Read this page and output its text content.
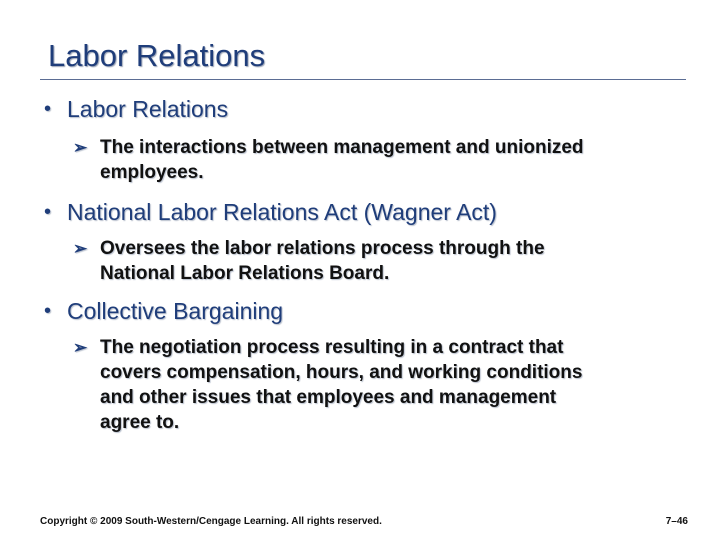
Labor Relations
• Labor Relations
➢ The interactions between management and unionized
employees.
• National Labor Relations Act (Wagner Act)
➢ Oversees the labor relations process through the
National Labor Relations Board.
• Collective Bargaining
➢ The negotiation process resulting in a contract that
covers compensation, hours, and working conditions
and other issues that employees and management
agree to.
Copyright © 2009 South-Western/Cengage Learning. All rights reserved.	7–46
